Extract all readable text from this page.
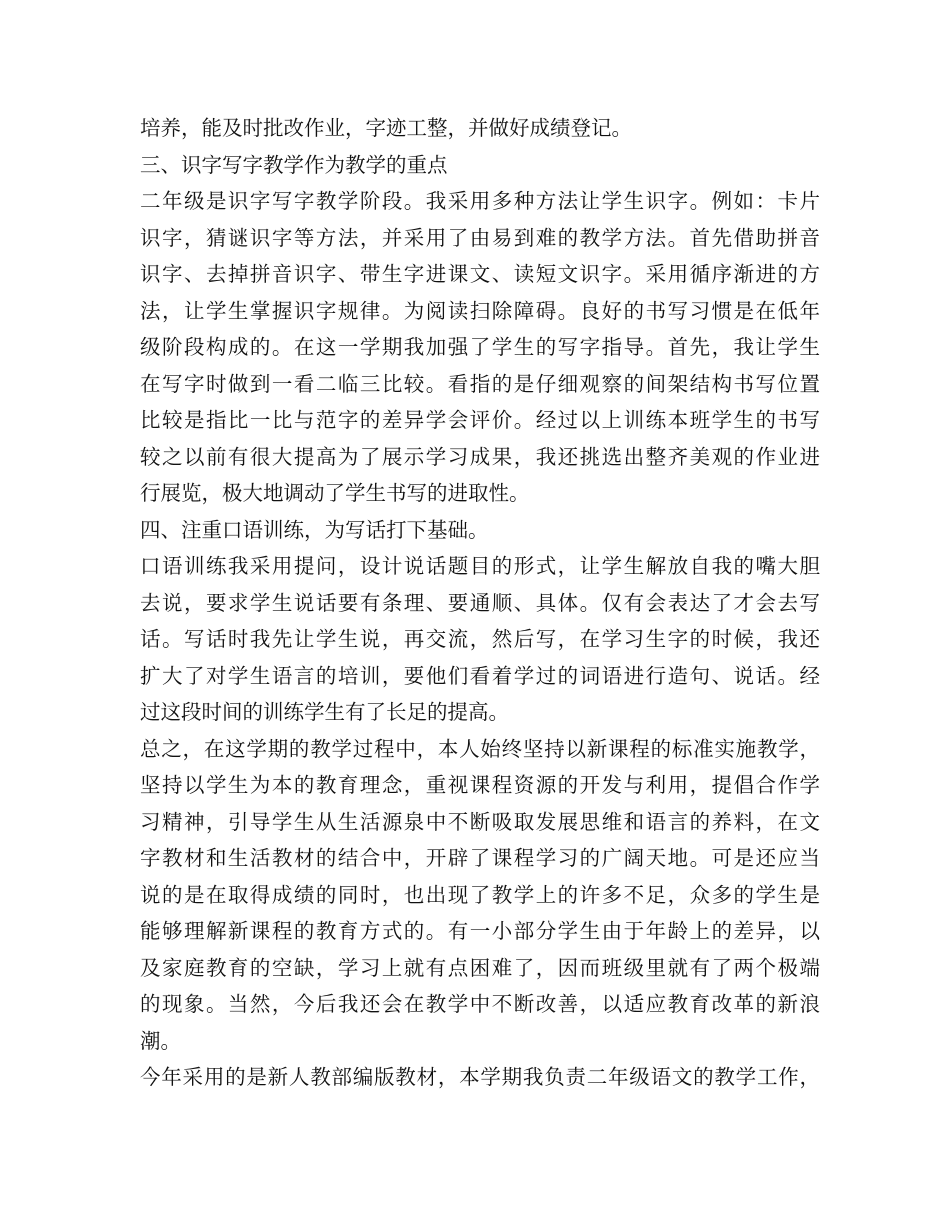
培养，能及时批改作业，字迹工整，并做好成绩登记。
三、识字写字教学作为教学的重点
二年级是识字写字教学阶段。我采用多种方法让学生识字。例如：卡片
识字，猜谜识字等方法，并采用了由易到难的教学方法。首先借助拼音
识字、去掉拼音识字、带生字进课文、读短文识字。采用循序渐进的方
法，让学生掌握识字规律。为阅读扫除障碍。良好的书写习惯是在低年
级阶段构成的。在这一学期我加强了学生的写字指导。首先，我让学生
在写字时做到一看二临三比较。看指的是仔细观察的间架结构书写位置
比较是指比一比与范字的差异学会评价。经过以上训练本班学生的书写
较之以前有很大提高为了展示学习成果，我还挑选出整齐美观的作业进
行展览，极大地调动了学生书写的进取性。
四、注重口语训练，为写话打下基础。
口语训练我采用提问，设计说话题目的形式，让学生解放自我的嘴大胆
去说，要求学生说话要有条理、要通顺、具体。仅有会表达了才会去写
话。写话时我先让学生说，再交流，然后写，在学习生字的时候，我还
扩大了对学生语言的培训，要他们看着学过的词语进行造句、说话。经
过这段时间的训练学生有了长足的提高。
总之，在这学期的教学过程中，本人始终坚持以新课程的标准实施教学，
坚持以学生为本的教育理念，重视课程资源的开发与利用，提倡合作学
习精神，引导学生从生活源泉中不断吸取发展思维和语言的养料，在文
字教材和生活教材的结合中，开辟了课程学习的广阔天地。可是还应当
说的是在取得成绩的同时，也出现了教学上的许多不足，众多的学生是
能够理解新课程的教育方式的。有一小部分学生由于年龄上的差异，以
及家庭教育的空缺，学习上就有点困难了，因而班级里就有了两个极端
的现象。当然，今后我还会在教学中不断改善，以适应教育改革的新浪
潮。
今年采用的是新人教部编版教材，本学期我负责二年级语文的教学工作，
